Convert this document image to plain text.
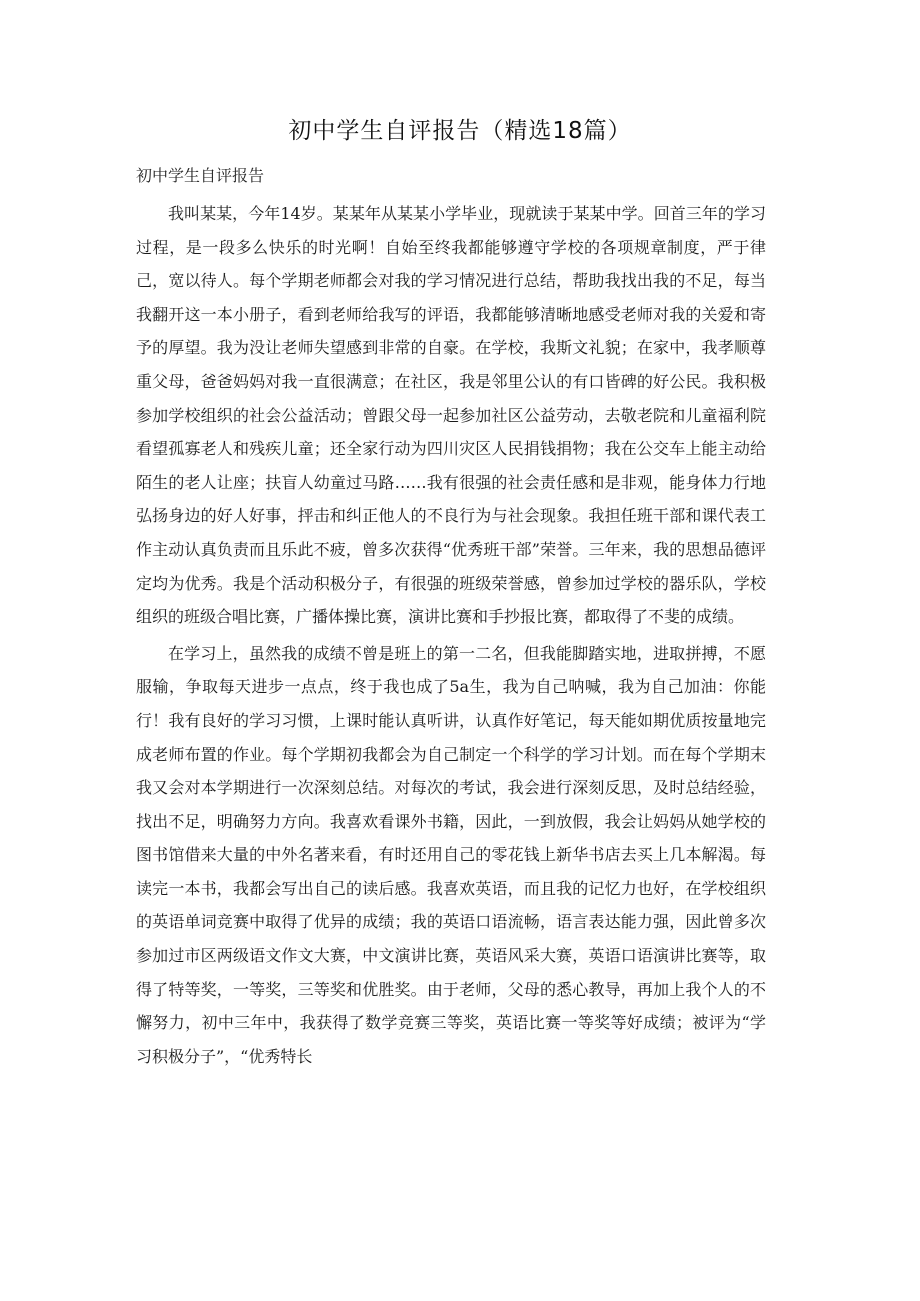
初中学生自评报告（精选18篇）
初中学生自评报告

我叫某某，今年14岁。某某年从某某小学毕业，现就读于某某中学。回首三年的学习过程，是一段多么快乐的时光啊！自始至终我都能够遵守学校的各项规章制度，严于律己，宽以待人。每个学期老师都会对我的学习情况进行总结，帮助我找出我的不足，每当我翻开这一本小册子，看到老师给我写的评语，我都能够清晰地感受老师对我的关爱和寄予的厚望。我为没让老师失望感到非常的自豪。在学校，我斯文礼貌；在家中，我孝顺尊重父母，爸爸妈妈对我一直很满意；在社区，我是邻里公认的有口皆碑的好公民。我积极参加学校组织的社会公益活动；曾跟父母一起参加社区公益劳动，去敬老院和儿童福利院看望孤寡老人和残疾儿童；还全家行动为四川灾区人民捐钱捐物；我在公交车上能主动给陌生的老人让座；扶盲人幼童过马路……我有很强的社会责任感和是非观，能身体力行地弘扬身边的好人好事，抨击和纠正他人的不良行为与社会现象。我担任班干部和课代表工作主动认真负责而且乐此不疲，曾多次获得“优秀班干部”荣誉。三年来，我的思想品德评定均为优秀。我是个活动积极分子，有很强的班级荣誉感，曾参加过学校的器乐队，学校组织的班级合唱比赛，广播体操比赛，演讲比赛和手抄报比赛，都取得了不斐的成绩。

在学习上，虽然我的成绩不曾是班上的第一二名，但我能脚踏实地，进取拼搏，不愿服输，争取每天进步一点点，终于我也成了5a生，我为自己呐喊，我为自己加油：你能行！我有良好的学习习惯，上课时能认真听讲，认真作好笔记，每天能如期优质按量地完成老师布置的作业。每个学期初我都会为自己制定一个科学的学习计划。而在每个学期末我又会对本学期进行一次深刻总结。对每次的考试，我会进行深刻反思，及时总结经验，找出不足，明确努力方向。我喜欢看课外书籍，因此，一到放假，我会让妈妈从她学校的图书馆借来大量的中外名著来看，有时还用自己的零花钱上新华书店去买上几本解渴。每读完一本书，我都会写出自己的读后感。我喜欢英语，而且我的记忆力也好，在学校组织的英语单词竞赛中取得了优异的成绩；我的英语口语流畅，语言表达能力强，因此曾多次参加过市区两级语文作文大赛，中文演讲比赛，英语风采大赛，英语口语演讲比赛等，取得了特等奖，一等奖，三等奖和优胜奖。由于老师，父母的悉心教导，再加上我个人的不懈努力，初中三年中，我获得了数学竞赛三等奖，英语比赛一等奖等好成绩；被评为“学习积极分子”，“优秀特长
